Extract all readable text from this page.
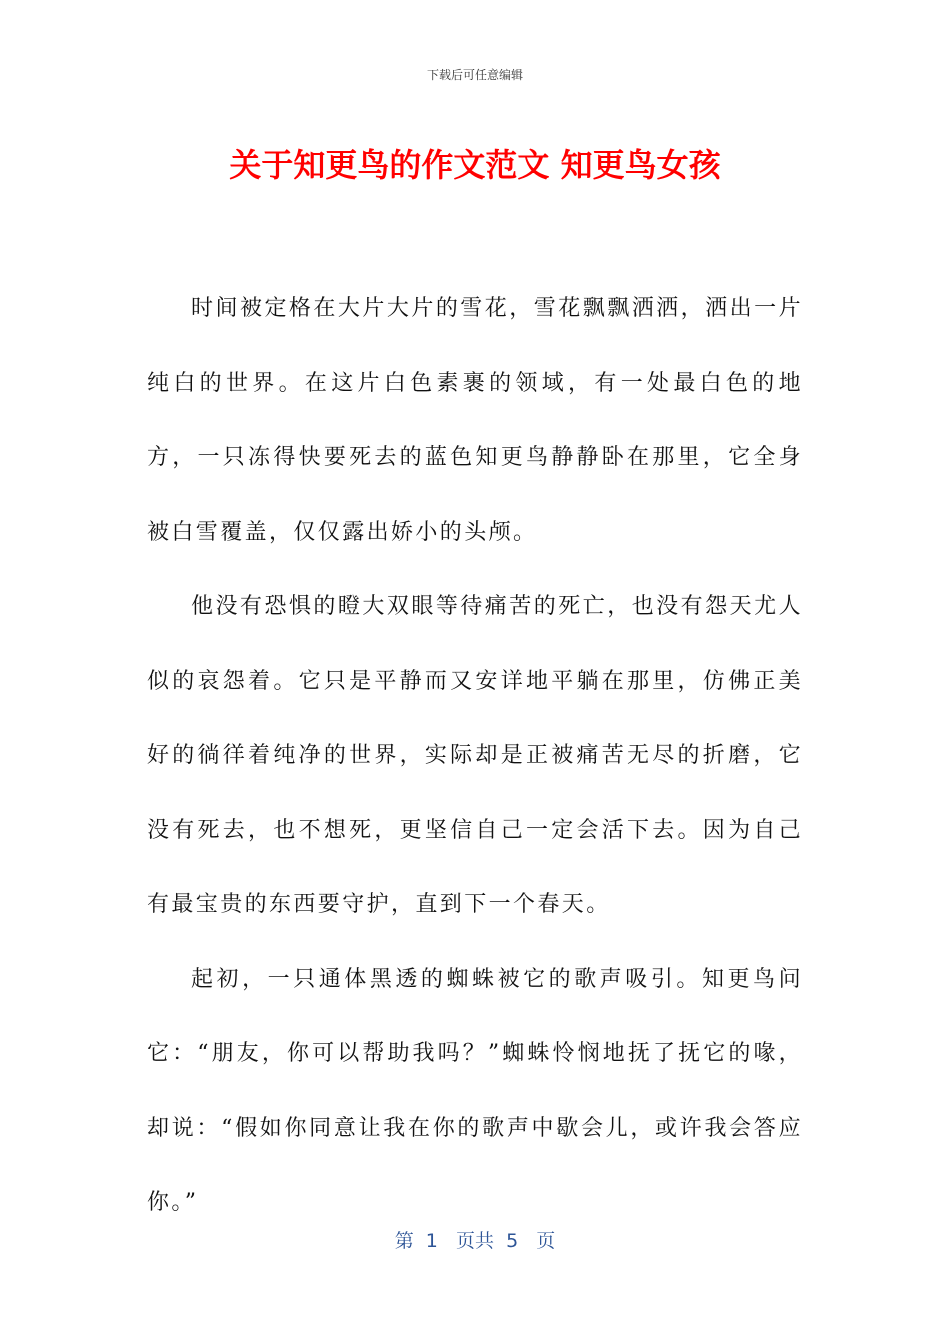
下载后可任意编辑
关于知更鸟的作文范文 知更鸟女孩

时间被定格在大片大片的雪花，雪花飘飘洒洒，洒出一片纯白的世界。在这片白色素裹的领域，有一处最白色的地方，一只冻得快要死去的蓝色知更鸟静静卧在那里，它全身被白雪覆盖，仅仅露出娇小的头颅。

他没有恐惧的瞪大双眼等待痛苦的死亡，也没有怨天尤人似的哀怨着。它只是平静而又安详地平躺在那里，仿佛正美好的徜徉着纯净的世界，实际却是正被痛苦无尽的折磨，它没有死去，也不想死，更坚信自己一定会活下去。因为自己有最宝贵的东西要守护，直到下一个春天。

起初，一只通体黑透的蜘蛛被它的歌声吸引。知更鸟问它：“朋友，你可以帮助我吗？”蜘蛛怜悯地抚了抚它的喙，却说：“假如你同意让我在你的歌声中歇会儿，或许我会答应你。”

第  1   页共  5   页
